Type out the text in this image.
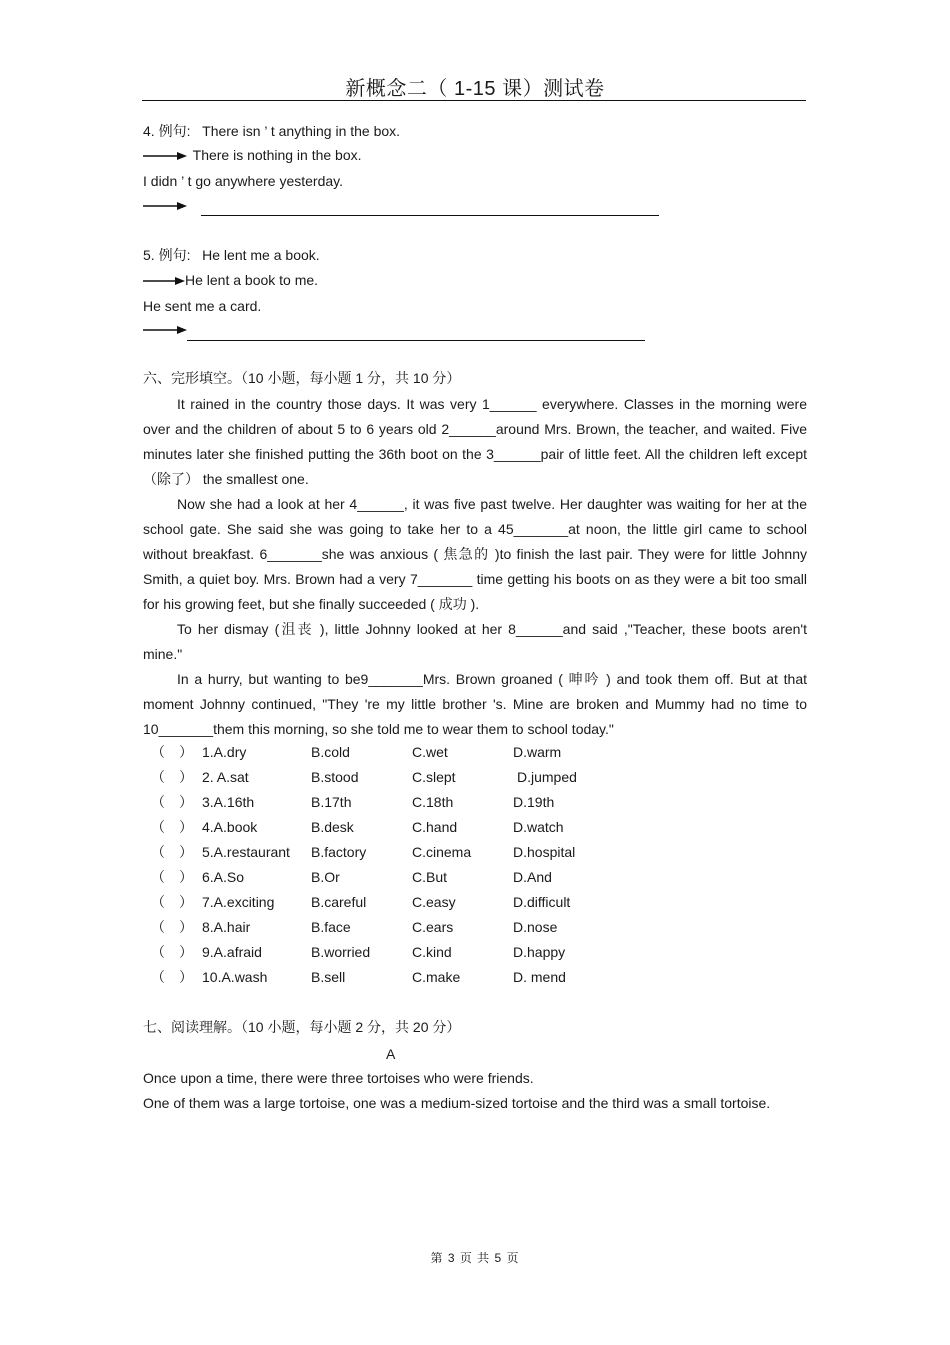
新概念二（ 1-15 课）测试卷
4. 例句: There isn ’ t anything in the box.
There is nothing in the box.
I didn ’ t go anywhere yesterday.
5. 例句: He lent me a book.
He lent a book to me.
He sent me a card.
六、完形填空。（10 小题，每小题 1 分，共 10 分）

It rained in the country those days. It was very 1______ everywhere. Classes in the morning were over and the children of about 5 to 6 years old 2______around Mrs. Brown, the teacher, and waited. Five minutes later she finished putting the 36th boot on the 3______pair of little feet. All the children left except （除了） the smallest one.

Now she had a look at her 4______, it was five past twelve. Her daughter was waiting for her at the school gate. She said she was going to take her to a 45_______at noon, the little girl came to school without breakfast. 6_______she was anxious ( 焦急的 )to finish the last pair. They were for little Johnny Smith, a quiet boy. Mrs. Brown had a very 7_______ time getting his boots on as they were a bit too small for his growing feet, but she finally succeeded ( 成功 ).

To her dismay (沮丧 ), little Johnny looked at her 8______and said ,"Teacher, these boots aren't mine."

In a hurry, but wanting to be9_______Mrs. Brown groaned ( 呻吟 ) and took them off. But at that moment Johnny continued, "They 're my little brother 's. Mine are broken and Mummy had no time to 10_______them this morning, so she told me to wear them to school today."

（　） 1.A.dry	B.cold	C.wet	D.warm
（　） 2. A.sat	B.stood	C.slept	D.jumped
（　） 3.A.16th	B.17th	C.18th	D.19th
（　） 4.A.book	B.desk	C.hand	D.watch
（　） 5.A.restaurant B.factory	C.cinema	D.hospital
（　） 6.A.So	B.Or	C.But	D.And
（　） 7.A.exciting	B.careful	C.easy	D.difficult
（　） 8.A.hair	B.face	C.ears	D.nose
（　） 9.A.afraid	B.worried	C.kind	D.happy
（　） 10.A.wash	B.sell	C.make	D. mend
七、阅读理解。（10 小题，每小题 2 分，共 20 分）
A

Once upon a time, there were three tortoises who were friends.

One of them was a large tortoise, one was a medium-sized tortoise and the third was a small tortoise.

第 3 页 共 5 页
